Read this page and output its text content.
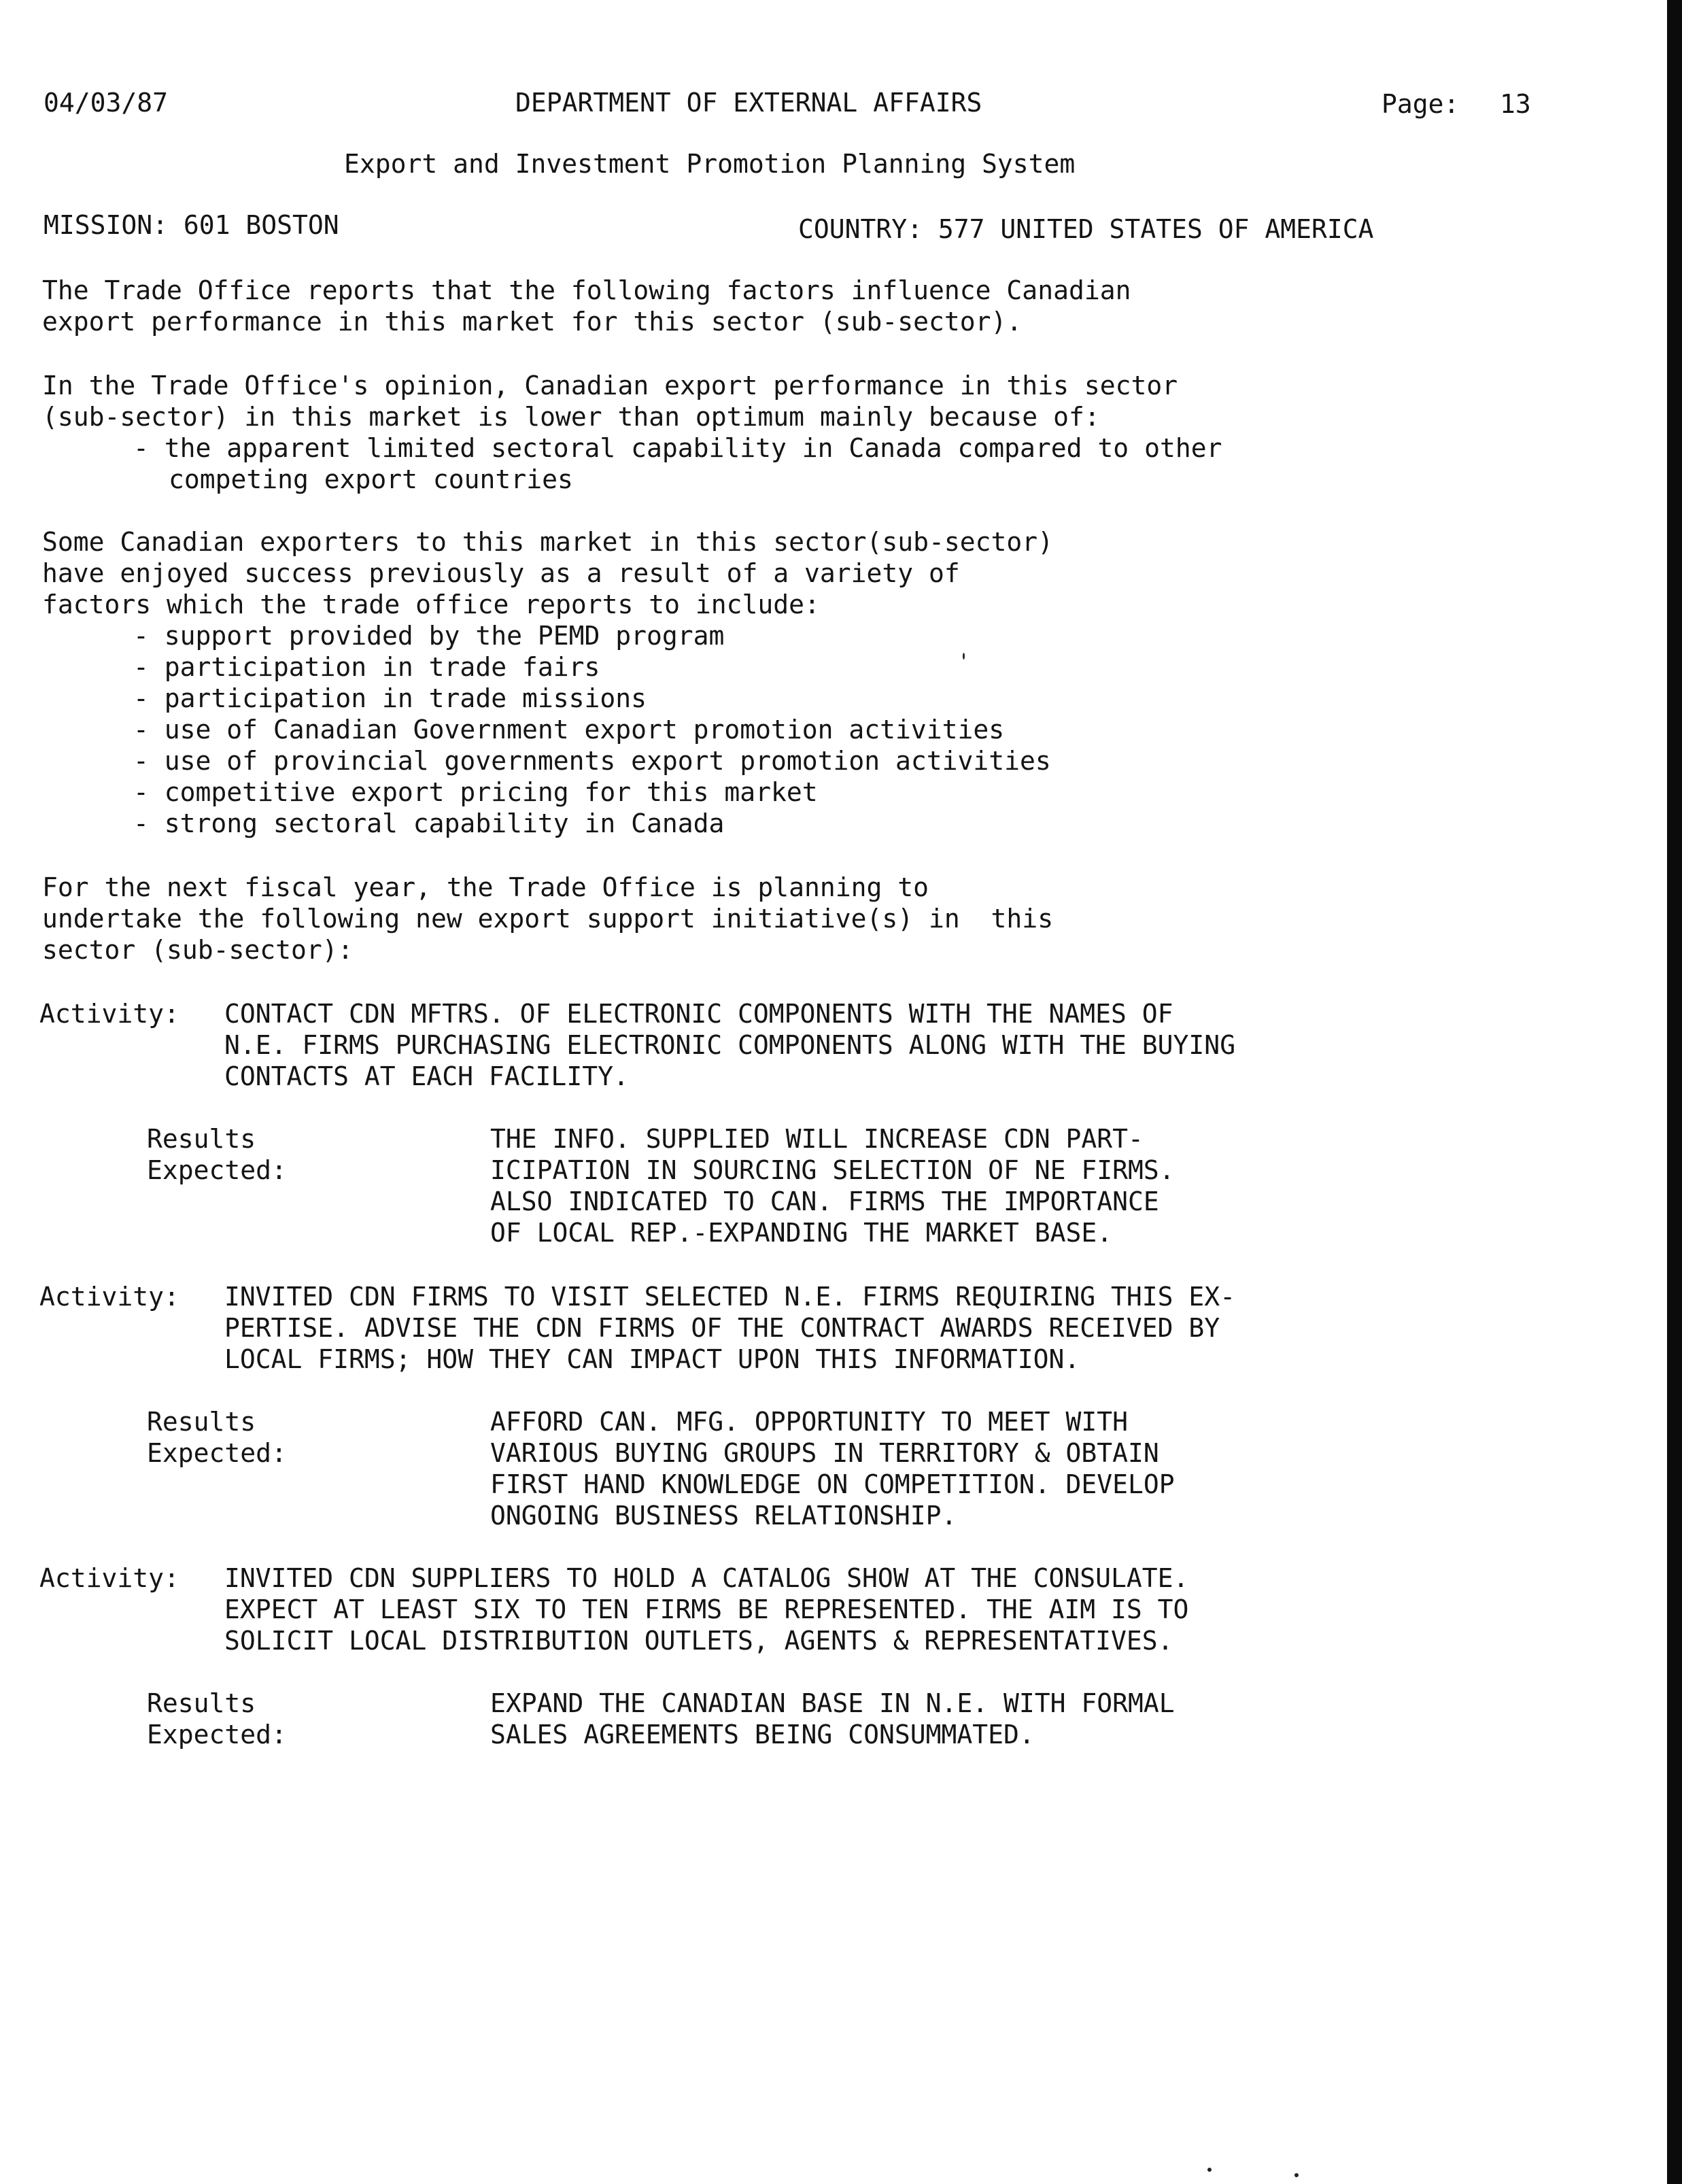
04/03/87	DEPARTMENT OF EXTERNAL AFFAIRS	Page: 13
Export and Investment Promotion Planning System
MISSION: 601 BOSTON	COUNTRY: 577 UNITED STATES OF AMERICA
The Trade Office reports that the following factors influence Canadian
export performance in this market for this sector (sub-sector).
In the Trade Office's opinion, Canadian export performance in this sector
(sub-sector) in this market is lower than optimum mainly because of:
- the apparent limited sectoral capability in Canada compared to other
competing export countries
Some Canadian exporters to this market in this sector(sub-sector)
have enjoyed success previously as a result of a variety of
factors which the trade office reports to include:
- support provided by the PEMD program
- participation in trade fairs
- participation in trade missions
- use of Canadian Government export promotion activities
- use of provincial governments export promotion activities
- competitive export pricing for this market
- strong sectoral capability in Canada
For the next fiscal year, the Trade Office is planning to
undertake the following new export support initiative(s) in  this
sector (sub-sector):
Activity: CONTACT CDN MFTRS. OF ELECTRONIC COMPONENTS WITH THE NAMES OF
N.E. FIRMS PURCHASING ELECTRONIC COMPONENTS ALONG WITH THE BUYING
CONTACTS AT EACH FACILITY.
Results Expected:
THE INFO. SUPPLIED WILL INCREASE CDN PART-
ICIPATION IN SOURCING SELECTION OF NE FIRMS.
ALSO INDICATED TO CAN. FIRMS THE IMPORTANCE
OF LOCAL REP.-EXPANDING THE MARKET BASE.
Activity: INVITED CDN FIRMS TO VISIT SELECTED N.E. FIRMS REQUIRING THIS EX-
PERTISE. ADVISE THE CDN FIRMS OF THE CONTRACT AWARDS RECEIVED BY
LOCAL FIRMS; HOW THEY CAN IMPACT UPON THIS INFORMATION.
Results Expected:
AFFORD CAN. MFG. OPPORTUNITY TO MEET WITH
VARIOUS BUYING GROUPS IN TERRITORY & OBTAIN
FIRST HAND KNOWLEDGE ON COMPETITION. DEVELOP
ONGOING BUSINESS RELATIONSHIP.
Activity: INVITED CDN SUPPLIERS TO HOLD A CATALOG SHOW AT THE CONSULATE.
EXPECT AT LEAST SIX TO TEN FIRMS BE REPRESENTED. THE AIM IS TO
SOLICIT LOCAL DISTRIBUTION OUTLETS, AGENTS & REPRESENTATIVES.
Results Expected:
EXPAND THE CANADIAN BASE IN N.E. WITH FORMAL
SALES AGREEMENTS BEING CONSUMMATED.
